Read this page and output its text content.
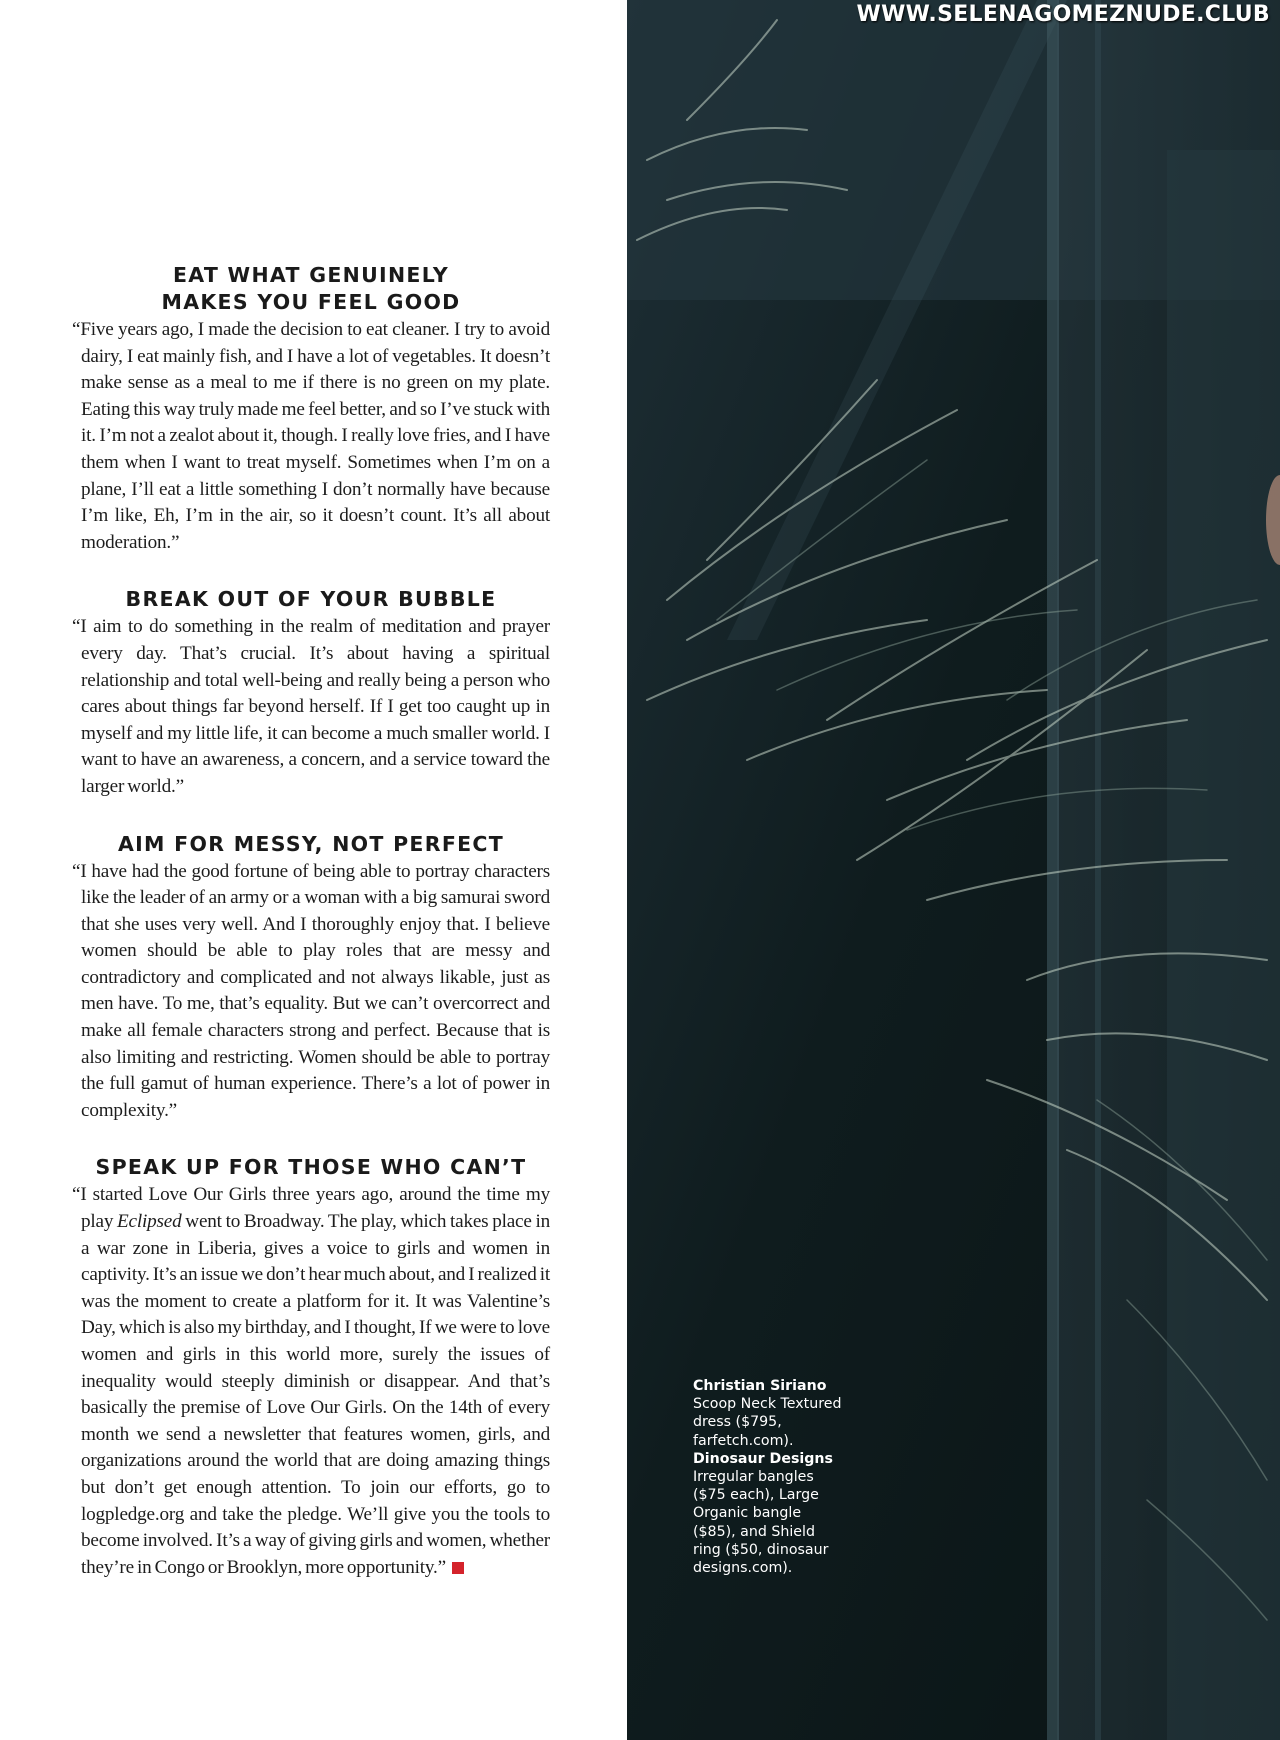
EAT WHAT GENUINELY
MAKES YOU FEEL GOOD

“Five years ago, I made the decision to eat cleaner. I try to avoid dairy, I eat mainly fish, and I have a lot of vegetables. It doesn’t make sense as a meal to me if there is no green on my plate. Eating this way truly made me feel better, and so I’ve stuck with it. I’m not a zealot about it, though. I really love fries, and I have them when I want to treat myself. Sometimes when I’m on a plane, I’ll eat a little something I don’t normally have because I’m like, Eh, I’m in the air, so it doesn’t count. It’s all about moderation.”

BREAK OUT OF YOUR BUBBLE

“I aim to do something in the realm of meditation and prayer every day. That’s crucial. It’s about having a spiritual relationship and total well-being and really being a person who cares about things far beyond herself. If I get too caught up in myself and my little life, it can become a much smaller world. I want to have an awareness, a concern, and a service toward the larger world.”

AIM FOR MESSY, NOT PERFECT

“I have had the good fortune of being able to portray characters like the leader of an army or a woman with a big samurai sword that she uses very well. And I thoroughly enjoy that. I believe women should be able to play roles that are messy and contradictory and complicated and not always likable, just as men have. To me, that’s equality. But we can’t overcorrect and make all female characters strong and perfect. Because that is also limiting and restricting. Women should be able to portray the full gamut of human experience. There’s a lot of power in complexity.”

SPEAK UP FOR THOSE WHO CAN’T

“I started Love Our Girls three years ago, around the time my play Eclipsed went to Broadway. The play, which takes place in a war zone in Liberia, gives a voice to girls and women in captivity. It’s an issue we don’t hear much about, and I realized it was the moment to create a platform for it. It was Valentine’s Day, which is also my birthday, and I thought, If we were to love women and girls in this world more, surely the issues of inequality would steeply diminish or disappear. And that’s basically the premise of Love Our Girls. On the 14th of every month we send a newsletter that features women, girls, and organizations around the world that are doing amazing things but don’t get enough attention. To join our efforts, go to logpledge.org and take the pledge. We’ll give you the tools to become involved. It’s a way of giving girls and women, whether they’re in Congo or Brooklyn, more opportunity.”

WWW.SELENAGOMEZNUDE.CLUB

Christian Siriano Scoop Neck Textured dress ($795, farfetch.com).

Dinosaur Designs Irregular bangles ($75 each), Large Organic bangle ($85), and Shield ring ($50, dinosaur designs.com).
